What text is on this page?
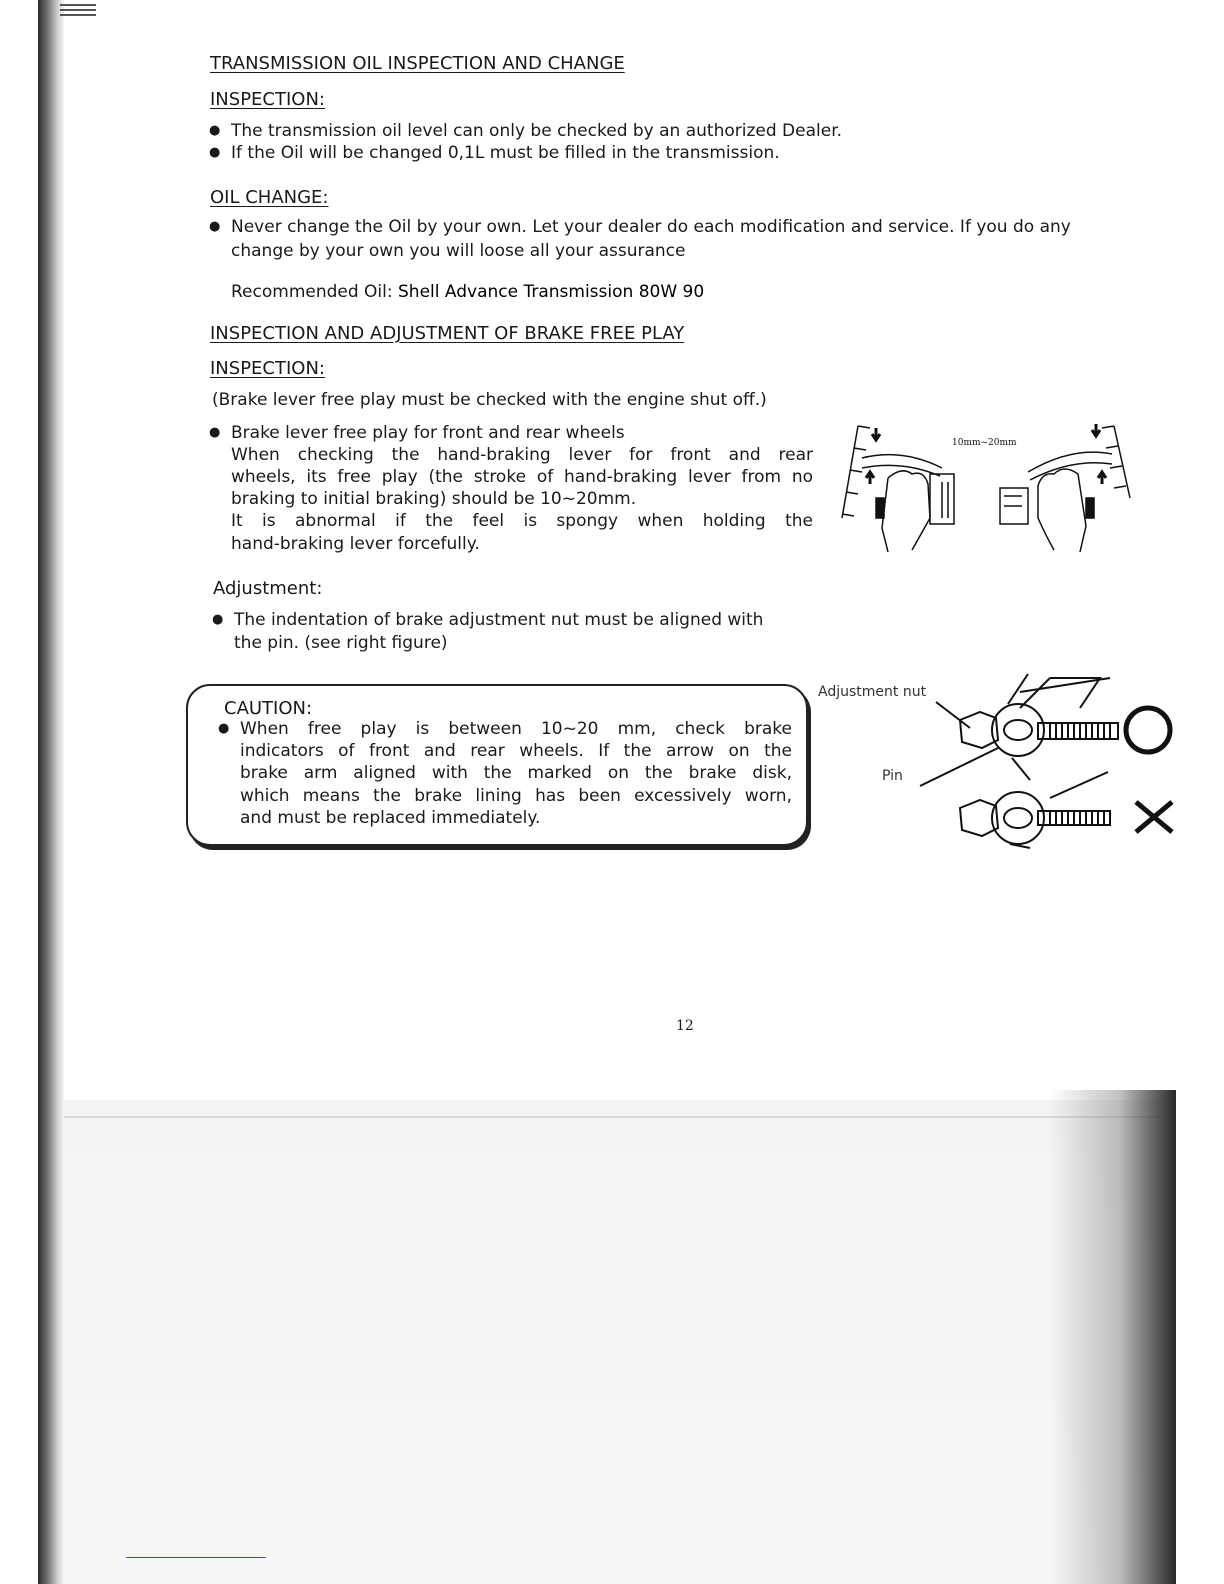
TRANSMISSION OIL INSPECTION AND CHANGE
INSPECTION:
● The transmission oil level can only be checked by an authorized Dealer.
● If the Oil will be changed 0,1L must be filled in the transmission.
OIL CHANGE:
● Never change the Oil by your own. Let your dealer do each modification and service. If you do any
change by your own you will loose all your assurance
Recommended Oil: Shell Advance Transmission 80W 90
INSPECTION AND ADJUSTMENT OF BRAKE FREE PLAY
INSPECTION:
(Brake lever free play must be checked with the engine shut off.)
● Brake lever free play for front and rear wheels
When checking the hand-braking lever for front and rear
wheels, its free play (the stroke of hand-braking lever from no
braking to initial braking) should be 10~20mm.
It is abnormal if the feel is spongy when holding the
hand-braking lever forcefully.
Adjustment:
● The indentation of brake adjustment nut must be aligned with
the pin. (see right figure)
10mm~20mm
CAUTION:
● When free play is between 10~20 mm, check brake
indicators of front and rear wheels. If the arrow on the
brake arm aligned with the marked on the brake disk,
which means the brake lining has been excessively worn,
and must be replaced immediately.
Adjustment nut
Pin
O
X
12
